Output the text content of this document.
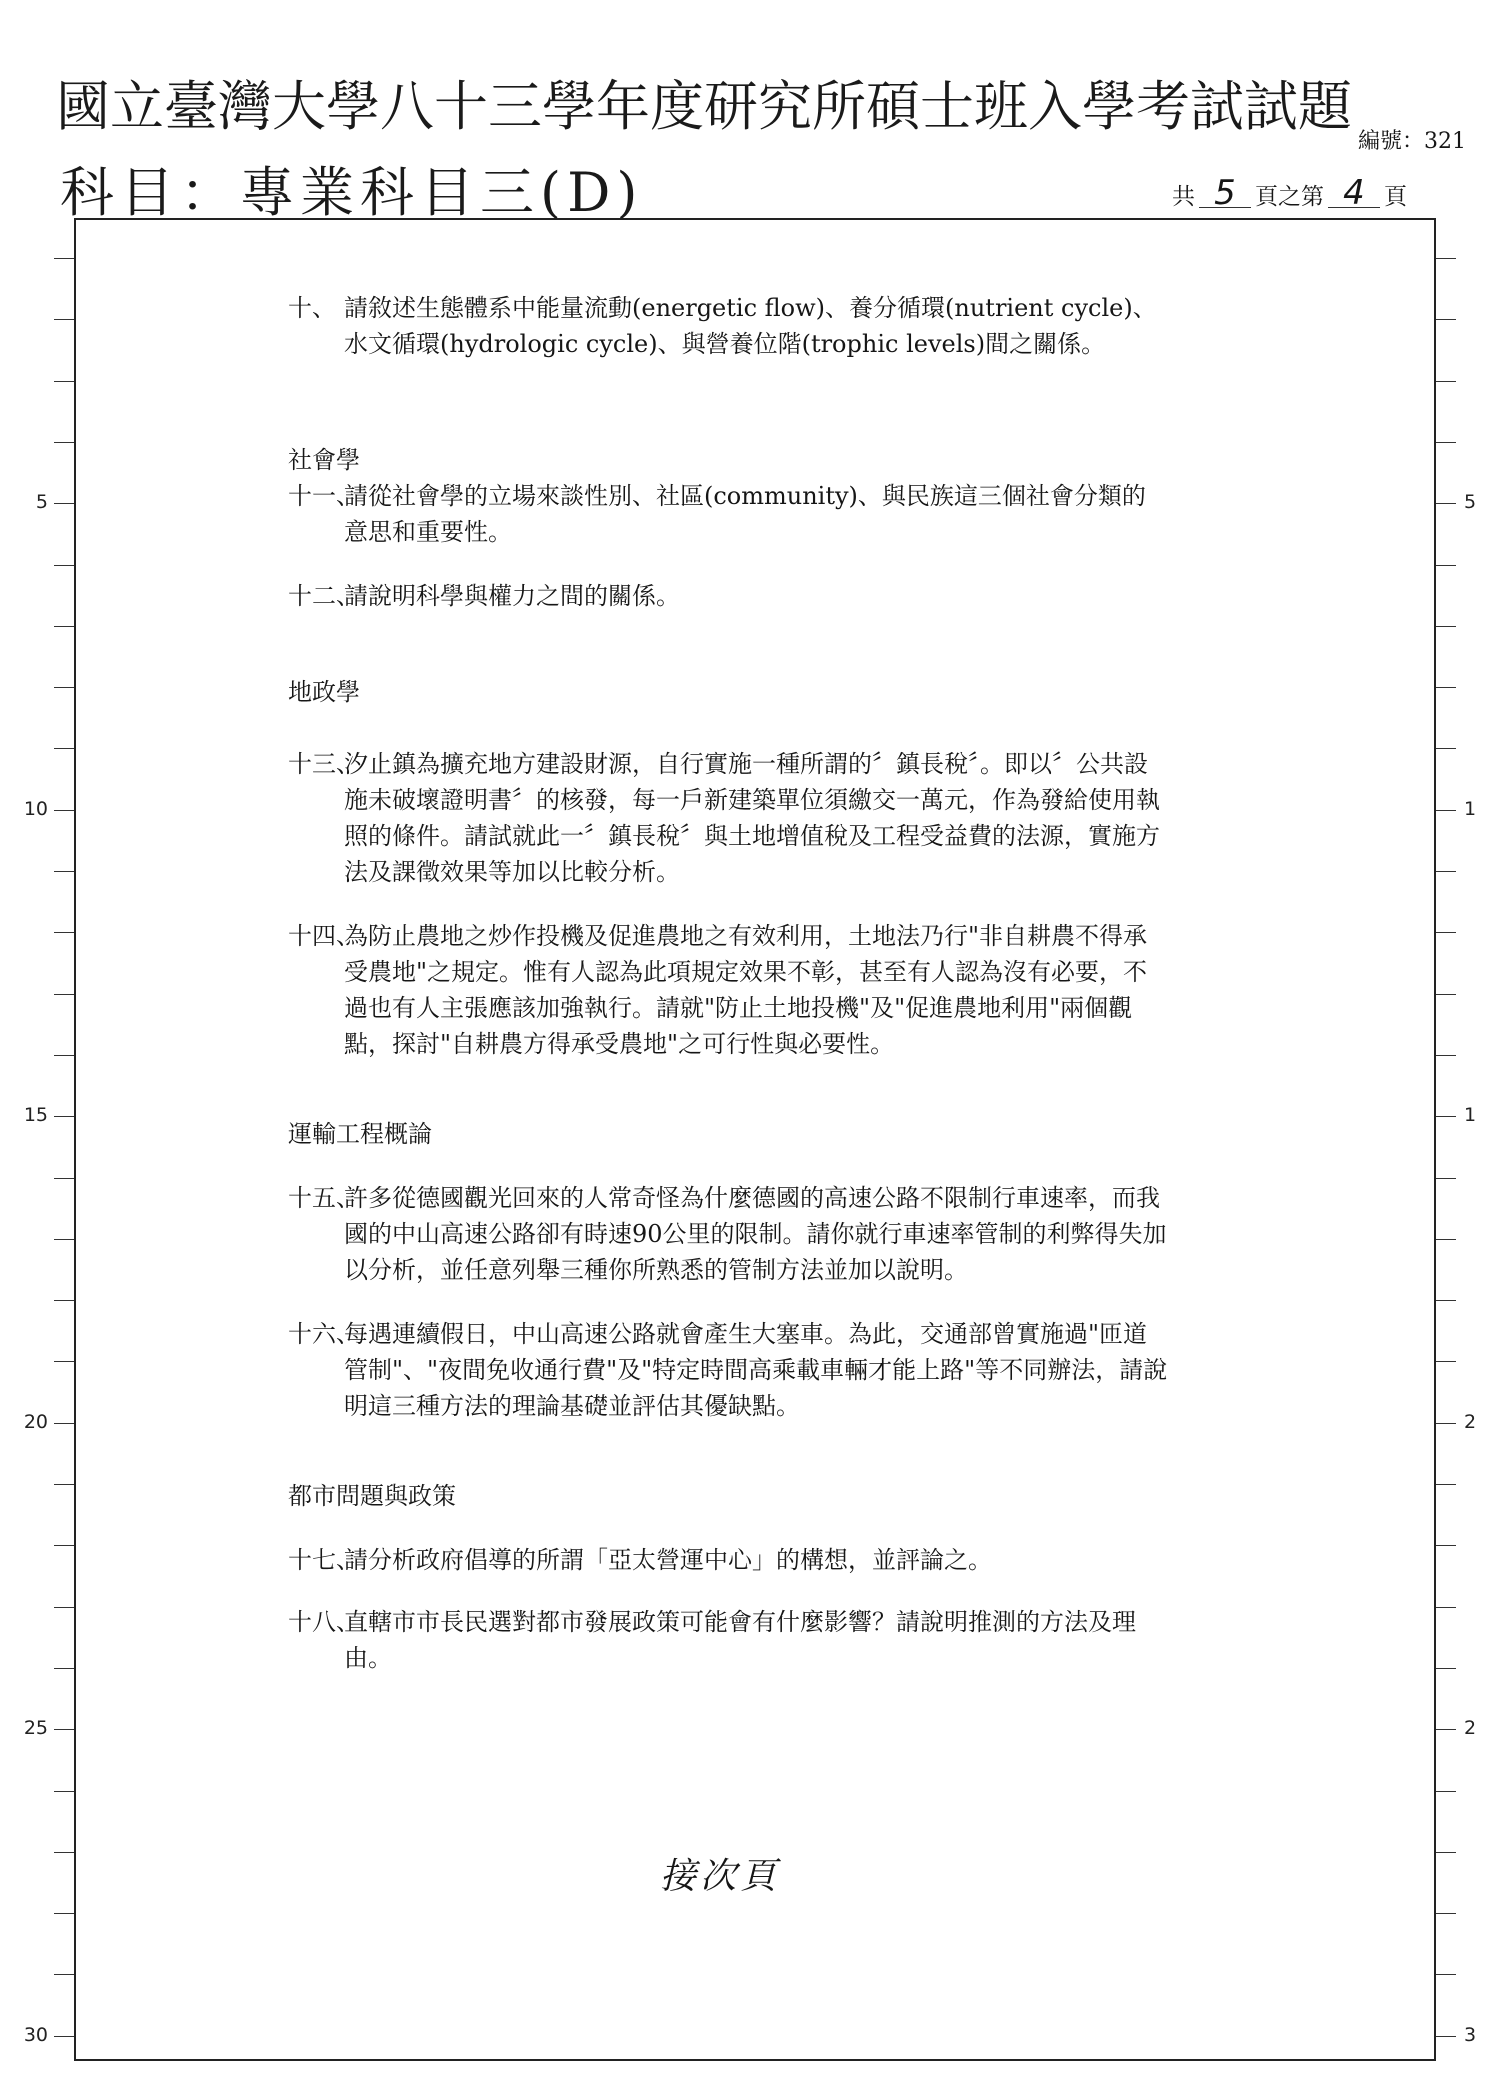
國立臺灣大學八十三學年度研究所碩士班入學考試試題
科目：專業科目三(D)
編號：321
共 5 頁之第 4 頁
5
10
15
20
25
30
5
1
1
2
2
3
十、 請敘述生態體系中能量流動(energetic flow)、養分循環(nutrient cycle)、水文循環(hydrologic cycle)、與營養位階(trophic levels)間之關係。
社會學
十一、
請從社會學的立場來談性別、社區(community)、與民族這三個社會分類的意思和重要性。
十二、
請說明科學與權力之間的關係。
地政學
十三、
汐止鎮為擴充地方建設財源，自行實施一種所謂的〞鎮長稅〞。即以〞公共設施未破壞證明書〞的核發，每一戶新建築單位須繳交一萬元，作為發給使用執照的條件。請試就此一〞鎮長稅〞與土地增值稅及工程受益費的法源，實施方法及課徵效果等加以比較分析。
十四、
為防止農地之炒作投機及促進農地之有效利用，土地法乃行"非自耕農不得承受農地"之規定。惟有人認為此項規定效果不彰，甚至有人認為沒有必要，不過也有人主張應該加強執行。請就"防止土地投機"及"促進農地利用"兩個觀點，探討"自耕農方得承受農地"之可行性與必要性。
運輸工程概論
十五、
許多從德國觀光回來的人常奇怪為什麼德國的高速公路不限制行車速率，而我國的中山高速公路卻有時速90公里的限制。請你就行車速率管制的利弊得失加以分析，並任意列舉三種你所熟悉的管制方法並加以說明。
十六、
每遇連續假日，中山高速公路就會產生大塞車。為此，交通部曾實施過"匝道管制"、"夜間免收通行費"及"特定時間高乘載車輛才能上路"等不同辦法，請說明這三種方法的理論基礎並評估其優缺點。
都市問題與政策
十七、
請分析政府倡導的所謂「亞太營運中心」的構想，並評論之。
十八、
直轄市市長民選對都市發展政策可能會有什麼影響？請說明推測的方法及理由。
接次頁
